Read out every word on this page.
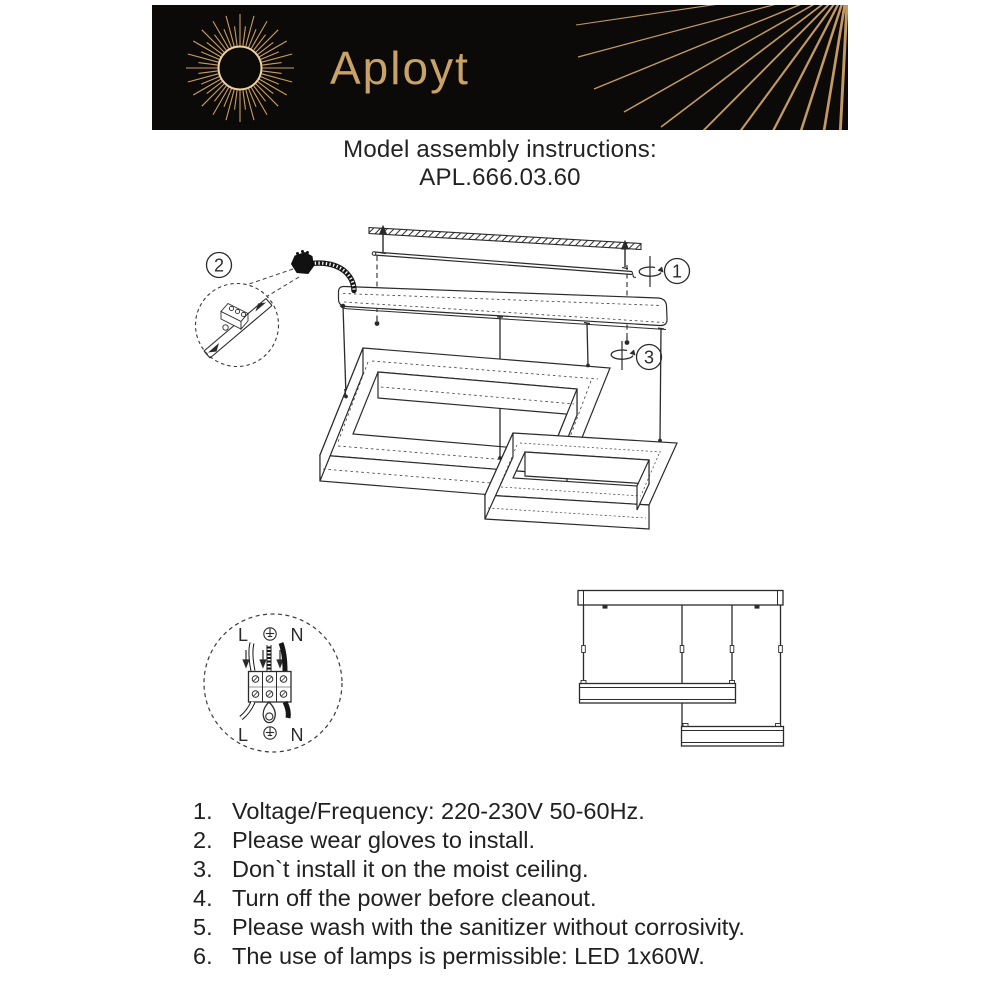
Aployt
Model assembly instructions:
APL.666.03.60
1
3
2
L N
L N
1. Voltage/Frequency: 220-230V 50-60Hz.
2. Please wear gloves to install.
3. Don`t install it on the moist ceiling.
4. Turn off the power before cleanout.
5. Please wash with the sanitizer without corrosivity.
6. The use of lamps is permissible: LED 1x60W.
